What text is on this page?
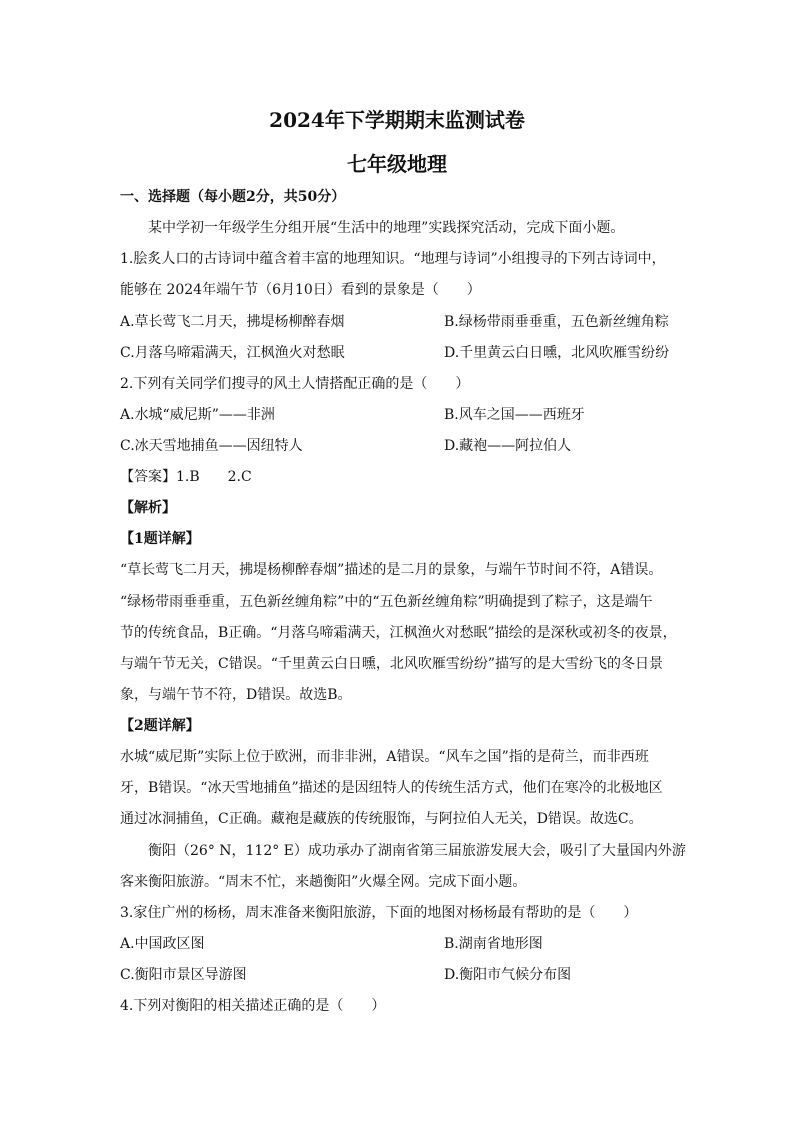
2024年下学期期末监测试卷
七年级地理
一、选择题（每小题2分，共50分）
某中学初一年级学生分组开展“生活中的地理”实践探究活动，完成下面小题。
1.脍炙人口的古诗词中蕴含着丰富的地理知识。“地理与诗词”小组搜寻的下列古诗词中，
能够在 2024年端午节（6月10日）看到的景象是（　　）
A.草长莺飞二月天，拂堤杨柳醉春烟	B.绿杨带雨垂垂重，五色新丝缠角粽
C.月落乌啼霜满天，江枫渔火对愁眠	D.千里黄云白日曛，北风吹雁雪纷纷
2.下列有关同学们搜寻的风土人情搭配正确的是（　　）
A.水城“威尼斯”——非洲	B.风车之国——西班牙
C.冰天雪地捕鱼——因纽特人	D.藏袍——阿拉伯人
【答案】1.B　　2.C
【解析】
【1题详解】
“草长莺飞二月天，拂堤杨柳醉春烟”描述的是二月的景象，与端午节时间不符，A错误。
“绿杨带雨垂垂重，五色新丝缠角粽”中的“五色新丝缠角粽”明确提到了粽子，这是端午
节的传统食品，B正确。“月落乌啼霜满天，江枫渔火对愁眠”描绘的是深秋或初冬的夜景，
与端午节无关，C错误。“千里黄云白日曛，北风吹雁雪纷纷”描写的是大雪纷飞的冬日景
象，与端午节不符，D错误。故选B。
【2题详解】
水城“威尼斯”实际上位于欧洲，而非非洲，A错误。“风车之国”指的是荷兰，而非西班
牙，B错误。“冰天雪地捕鱼”描述的是因纽特人的传统生活方式，他们在寒冷的北极地区
通过冰洞捕鱼，C正确。藏袍是藏族的传统服饰，与阿拉伯人无关，D错误。故选C。
衡阳（26° N，112° E）成功承办了湖南省第三届旅游发展大会，吸引了大量国内外游
客来衡阳旅游。“周末不忙，来趟衡阳”火爆全网。完成下面小题。
3.家住广州的杨杨，周末准备来衡阳旅游，下面的地图对杨杨最有帮助的是（　　）
A.中国政区图	B.湖南省地形图
C.衡阳市景区导游图	D.衡阳市气候分布图
4.下列对衡阳的相关描述正确的是（　　）
